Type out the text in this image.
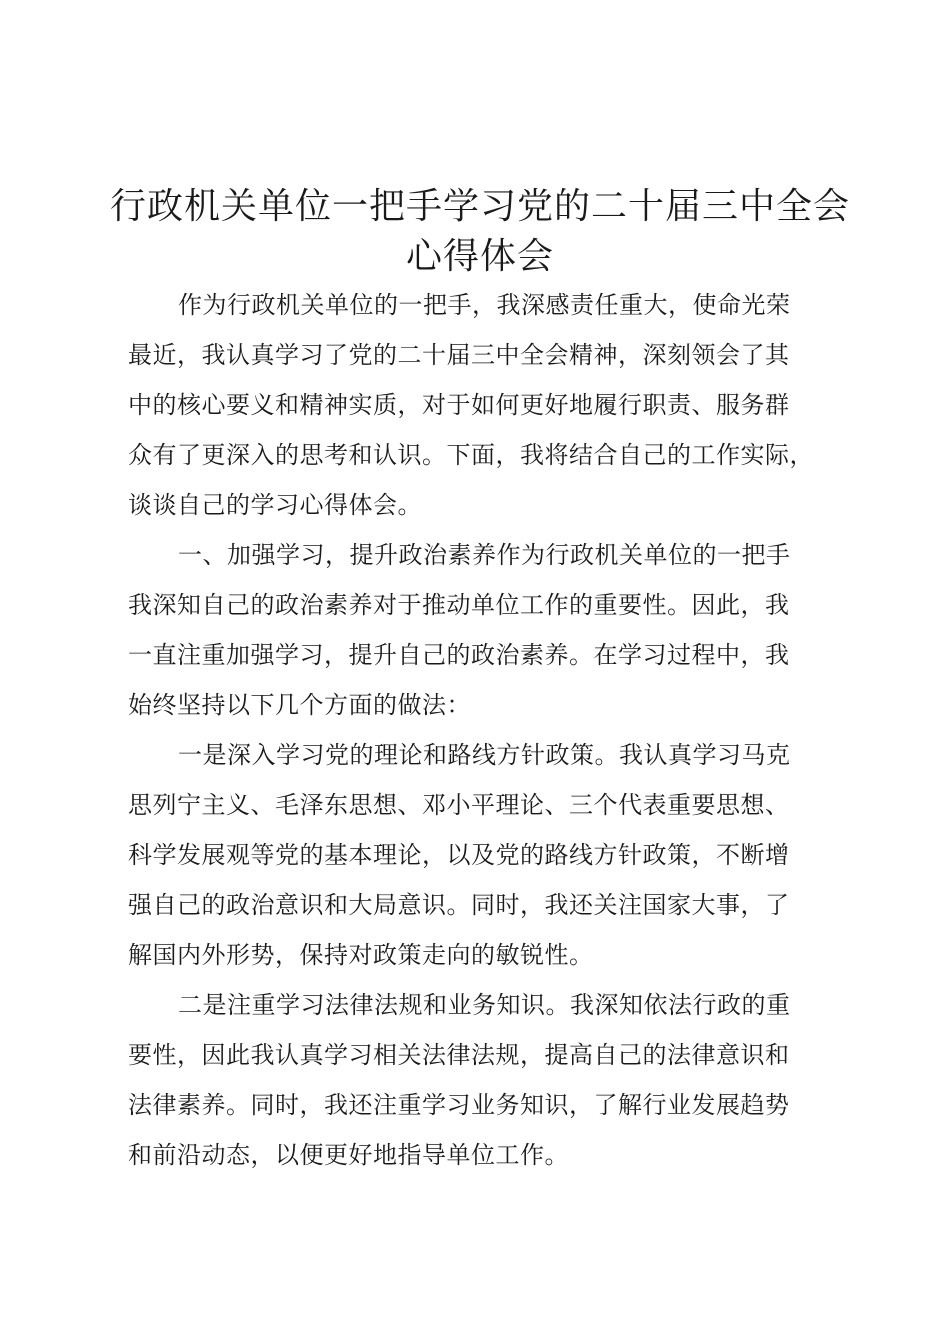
行政机关单位一把手学习党的二十届三中全会
心得体会

作为行政机关单位的一把手，我深感责任重大，使命光荣
最近，我认真学习了党的二十届三中全会精神，深刻领会了其
中的核心要义和精神实质，对于如何更好地履行职责、服务群
众有了更深入的思考和认识。下面，我将结合自己的工作实际，
谈谈自己的学习心得体会。

一、加强学习，提升政治素养作为行政机关单位的一把手
我深知自己的政治素养对于推动单位工作的重要性。因此，我
一直注重加强学习，提升自己的政治素养。在学习过程中，我
始终坚持以下几个方面的做法：

一是深入学习党的理论和路线方针政策。我认真学习马克
思列宁主义、毛泽东思想、邓小平理论、三个代表重要思想、
科学发展观等党的基本理论，以及党的路线方针政策，不断增
强自己的政治意识和大局意识。同时，我还关注国家大事，了
解国内外形势，保持对政策走向的敏锐性。

二是注重学习法律法规和业务知识。我深知依法行政的重
要性，因此我认真学习相关法律法规，提高自己的法律意识和
法律素养。同时，我还注重学习业务知识，了解行业发展趋势
和前沿动态，以便更好地指导单位工作。
